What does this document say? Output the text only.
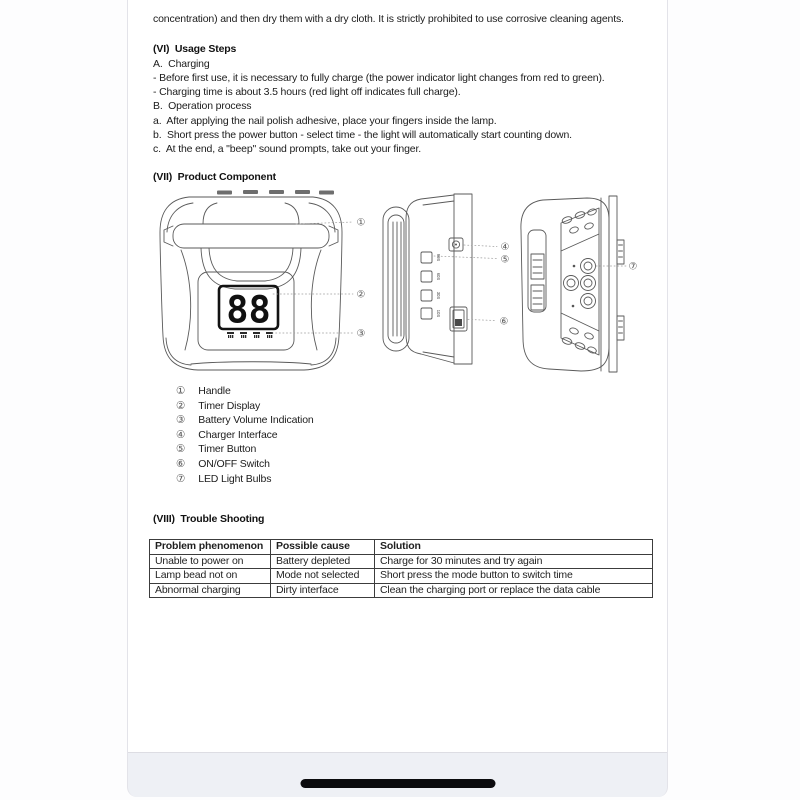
concentration) and then dry them with a dry cloth. It is strictly prohibited to use corrosive cleaning agents.
(VI)  Usage Steps
A.  Charging
- Before first use, it is necessary to fully charge (the power indicator light changes from red to green).
- Charging time is about 3.5 hours (red light off indicates full charge).
B.  Operation process
a.  After applying the nail polish adhesive, place your fingers inside the lamp.
b.  Short press the power button - select time - the light will automatically start counting down.
c.  At the end, a "beep" sound prompts, take out your finger.
(VII)  Product Component
88
①
②
③
99S
60S
30S
10S
④
⑤
⑥
⑦
① Handle
② Timer Display
③ Battery Volume Indication
④ Charger Interface
⑤ Timer Button
⑥ ON/OFF Switch
⑦ LED Light Bulbs
(VIII)  Trouble Shooting
Problem phenomenon	Possible cause	Solution
Unable to power on	Battery depleted	Charge for 30 minutes and try again
Lamp bead not on	Mode not selected	Short press the mode button to switch time
Abnormal charging	Dirty interface	Clean the charging port or replace the data cable
